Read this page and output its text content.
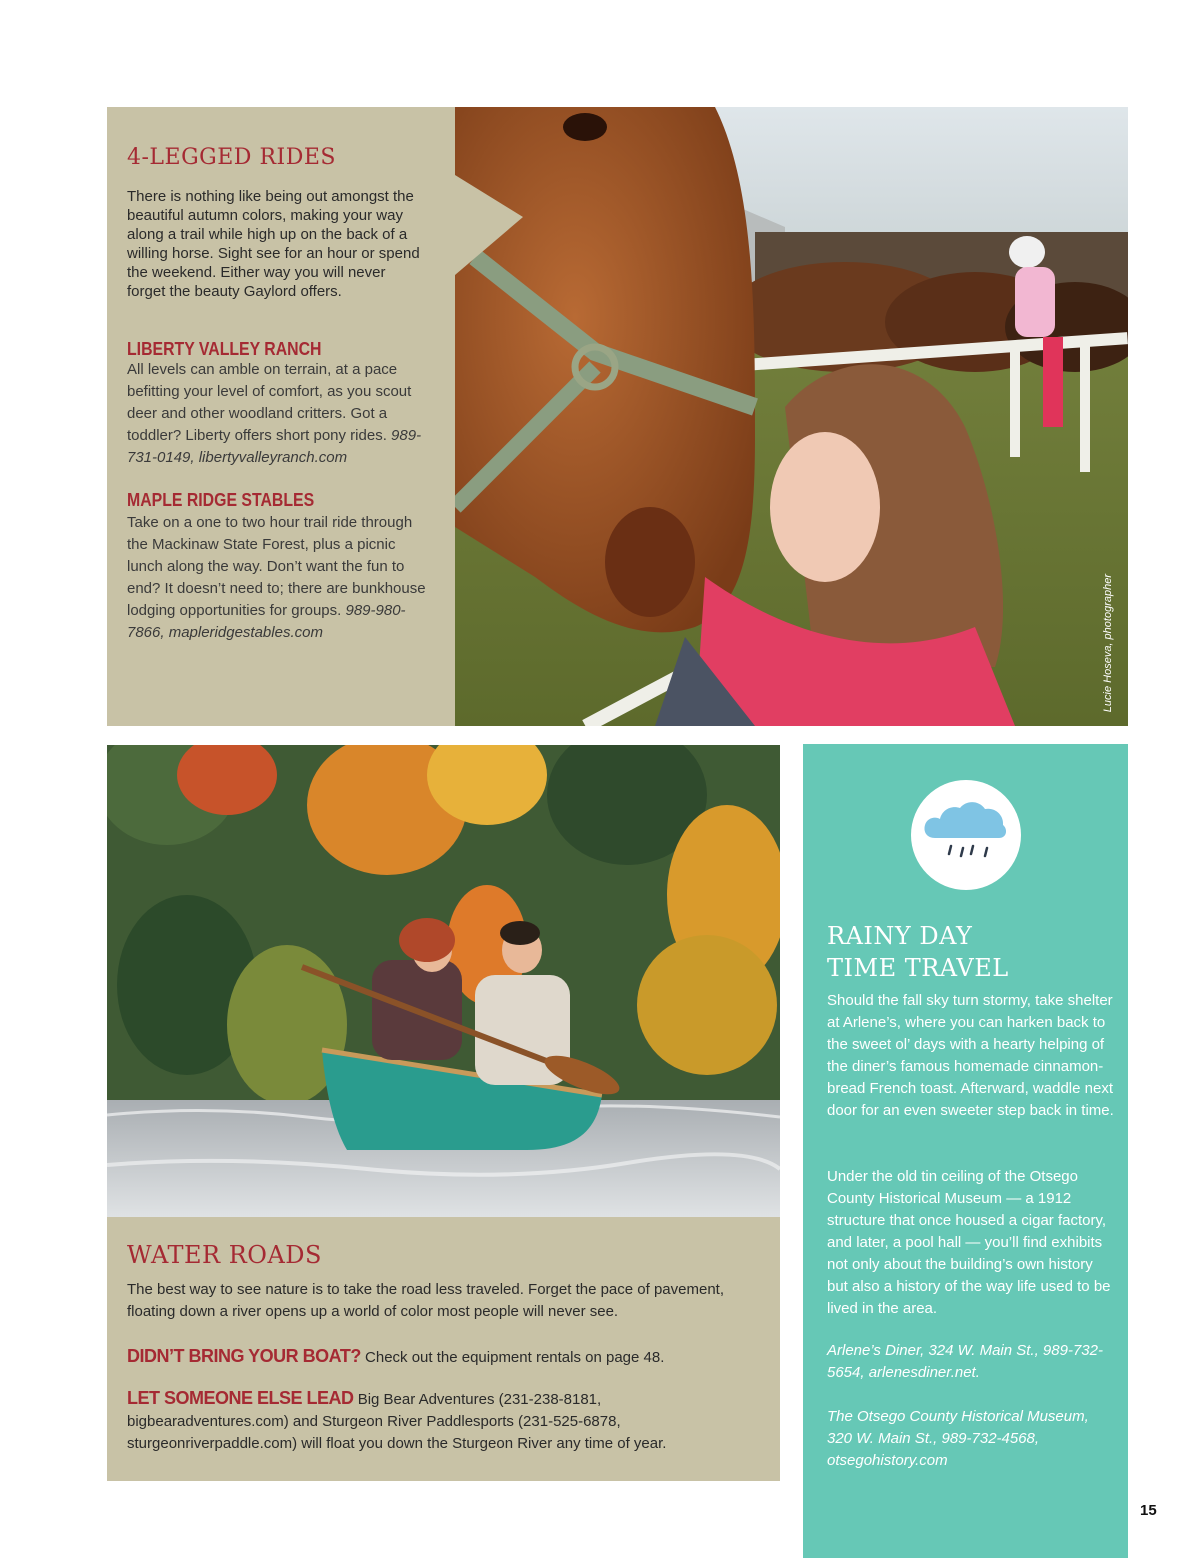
4-LEGGED RIDES
There is nothing like being out amongst the beautiful autumn colors, making your way along a trail while high up on the back of a willing horse. Sight see for an hour or spend the weekend. Either way you will never forget the beauty Gaylord offers.
LIBERTY VALLEY RANCH
All levels can amble on terrain, at a pace befitting your level of comfort, as you scout deer and other woodland critters. Got a toddler? Liberty offers short pony rides. 989-731-0149, libertyvalleyranch.com
MAPLE RIDGE STABLES
Take on a one to two hour trail ride through the Mackinaw State Forest, plus a picnic lunch along the way. Don’t want the fun to end? It doesn’t need to; there are bunkhouse lodging opportunities for groups. 989-980-7866, mapleridgestables.com	Lucie Hoseva, photographer
WATER ROADS
The best way to see nature is to take the road less traveled. Forget the pace of pavement, floating down a river opens up a world of color most people will never see.
DIDN’T BRING YOUR BOAT? Check out the equipment rentals on page 48.
LET SOMEONE ELSE LEAD Big Bear Adventures (231-238-8181, bigbearadventures.com) and Sturgeon River Paddlesports (231-525-6878, sturgeonriverpaddle.com) will float you down the Sturgeon River any time of year.
RAINY DAY
TIME TRAVEL
Should the fall sky turn stormy, take shelter at Arlene’s, where you can harken back to the sweet ol’ days with a hearty helping of the diner’s famous homemade cinnamon-bread French toast. Afterward, waddle next door for an even sweeter step back in time.
Under the old tin ceiling of the Otsego County Historical Museum — a 1912 structure that once housed a cigar factory, and later, a pool hall — you’ll find exhibits not only about the building’s own history but also a history of the way life used to be lived in the area.
Arlene’s Diner, 324 W. Main St., 989-732-5654, arlenesdiner.net.
The Otsego County Historical Museum, 320 W. Main St., 989-732-4568, otsegohistory.com
15
